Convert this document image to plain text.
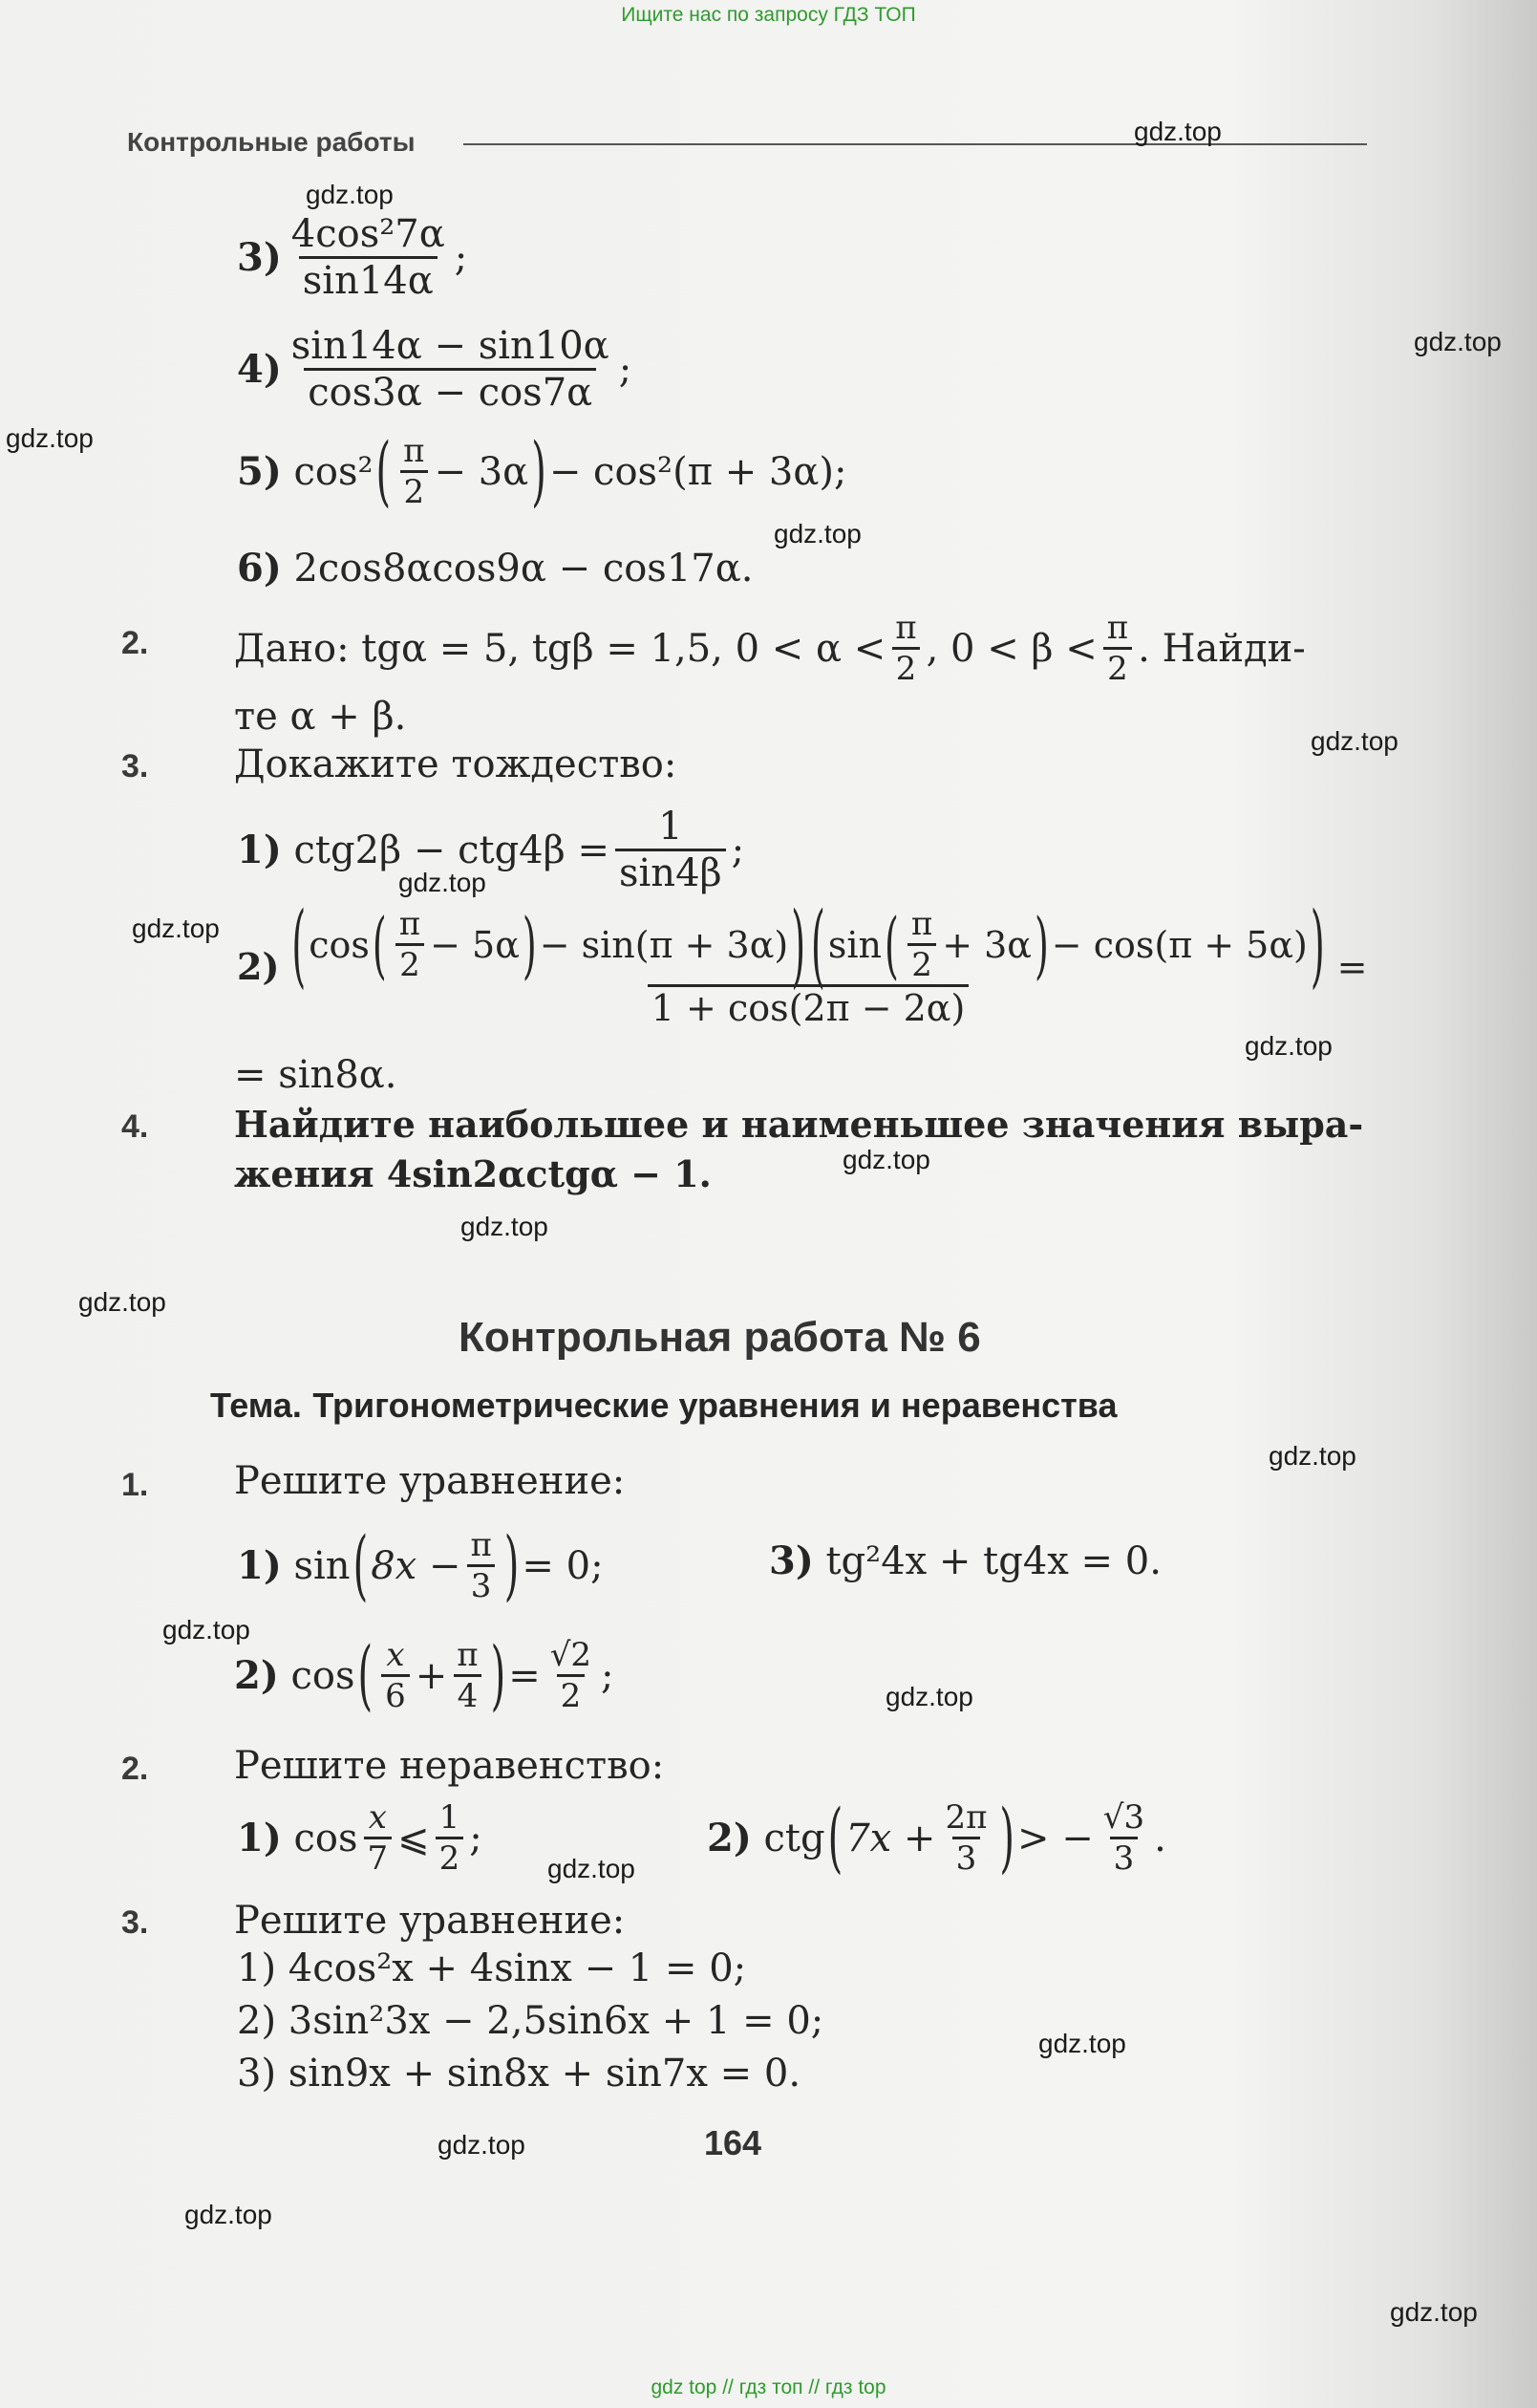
Ищите нас по запросу ГДЗ ТОП
Контрольные работы	gdz.top
gdz.top
gdz.top
gdz.top
gdz.top
gdz.top
gdz.top
gdz.top
gdz.top
gdz.top
gdz.top
gdz.top
gdz.top
gdz.top
gdz.top
gdz.top
gdz.top
gdz.top
gdz.top
gdz.top
$3) \frac{\text{4cos²7α}}{\sin 14\alpha}$ ;
$4) \frac{\sin 14\alpha - \sin 10\alpha}{\cos 3\alpha - \cos 7\alpha}$ ;
5)
cos² ( $\frac{\pi}{2} - 3\alpha$ ) − cos²(π + 3α);
6)
2cos8αcos9α − cos17α.
2. Дано: tgα = 5, tgβ = 1,5, $0 < \alpha < \frac{\pi}{2}$ , $0 < \beta < \frac{\pi}{2}$ . Найди-
те α + β.
3. Докажите тождество:
1)
$ctg2\beta - ctg4\beta = \frac{1}{\sin 4\beta}$ ;
2) ( cos ( $\frac{\pi}{2} - 5\alpha$ ) − sin(π + 3α) ) ( sin ( $\frac{\pi}{2} + 3\alpha$ ) − cos(π + 5α) )
1 + cos(2π − 2α)
=
= sin8α.
4. Найдите наибольшее и наименьшее значения выра-
жения 4sin2αctgα − 1.
Контрольная работа № 6
Тема.
Тригонометрические уравнения и неравенства
1. Решите уравнение:
1)
sin ( $8x - \frac{\pi}{3}$ ) = 0;	3)
tg²4x + tg4x = 0.
2)
cos ( $\frac{x}{6} + \frac{\pi}{4}$ ) = $\frac{√2}{2}$ ;
2. Решите неравенство:
1)
$\cos \frac{x}{7}$ ⩽ $\frac{1}{2}$ ;	2)
ctg ( $7x + \frac{2\pi}{3}$ ) > − $\frac{√3}{3}$ .
3. Решите уравнение:
1) 4cos²x + 4sinx − 1 = 0;
2) 3sin²3x − 2,5sin6x + 1 = 0;
3) sin9x + sin8x + sin7x = 0.
164
gdz top // гдз топ // гдз top
